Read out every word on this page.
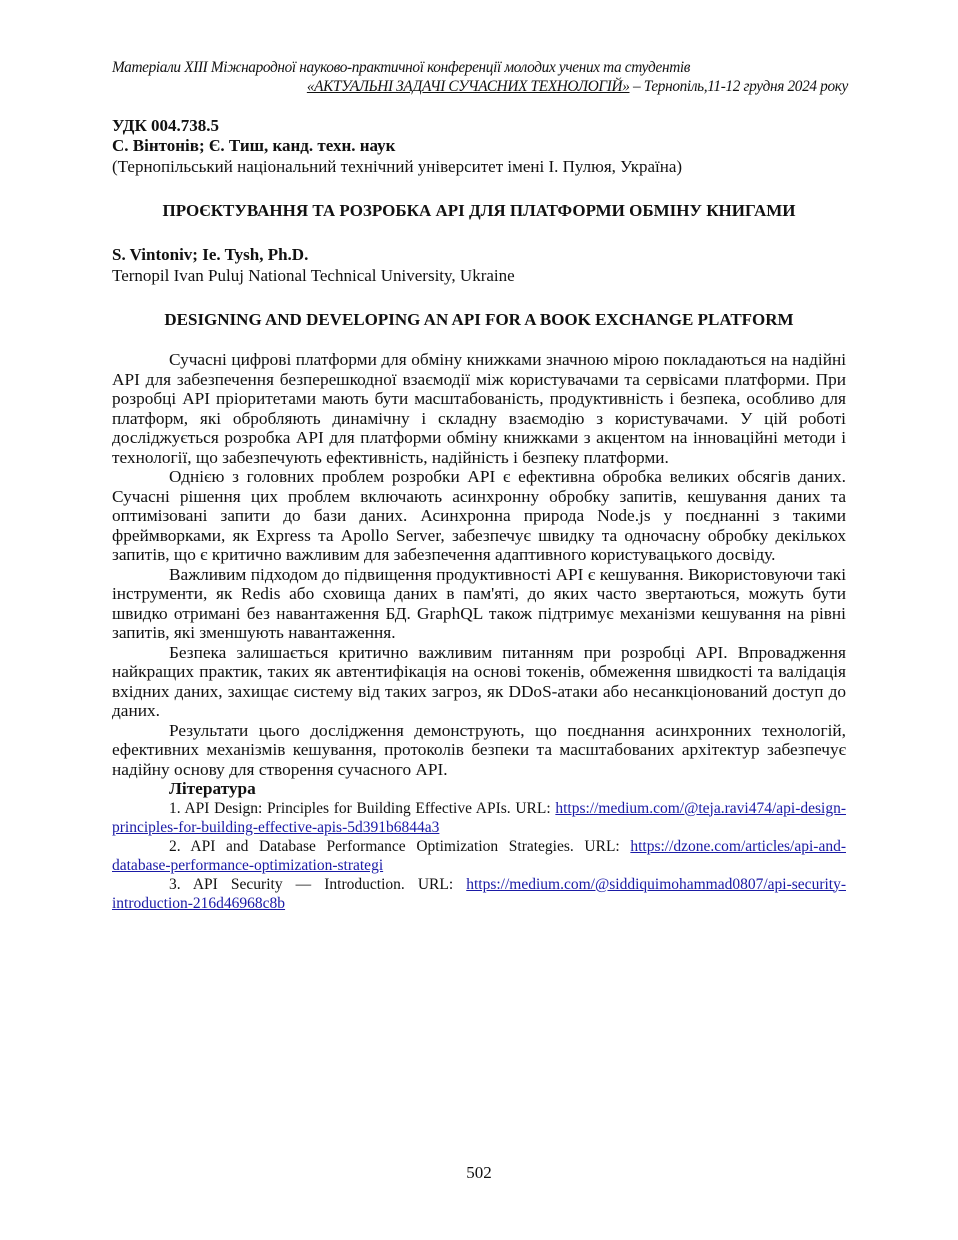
Матеріали XIII Міжнародної науково-практичної конференції молодих учених та студентів
«АКТУАЛЬНІ ЗАДАЧІ СУЧАСНИХ ТЕХНОЛОГІЙ» – Тернопіль,11-12 грудня 2024 року
УДК 004.738.5
С. Вінтонів; Є. Тиш, канд. техн. наук
(Тернопільський національний технічний університет імені І. Пулюя, Україна)
ПРОЄКТУВАННЯ ТА РОЗРОБКА API ДЛЯ ПЛАТФОРМИ ОБМІНУ КНИГАМИ
S. Vintoniv; Ie. Tysh, Ph.D.
Ternopil Ivan Puluj National Technical University, Ukraine
DESIGNING AND DEVELOPING AN API FOR A BOOK EXCHANGE PLATFORM

Сучасні цифрові платформи для обміну книжками значною мірою покладаються на надійні API для забезпечення безперешкодної взаємодії між користувачами та сервісами платформи. При розробці API пріоритетами мають бути масштабованість, продуктивність і безпека, особливо для платформ, які обробляють динамічну і складну взаємодію з користувачами. У цій роботі досліджується розробка API для платформи обміну книжками з акцентом на інноваційні методи і технології, що забезпечують ефективність, надійність і безпеку платформи.

Однією з головних проблем розробки API є ефективна обробка великих обсягів даних. Сучасні рішення цих проблем включають асинхронну обробку запитів, кешування даних та оптимізовані запити до бази даних. Асинхронна природа Node.js у поєднанні з такими фреймворками, як Express та Apollo Server, забезпечує швидку та одночасну обробку декількох запитів, що є критично важливим для забезпечення адаптивного користувацького досвіду.

Важливим підходом до підвищення продуктивності API є кешування. Використовуючи такі інструменти, як Redis або сховища даних в пам'яті, до яких часто звертаються, можуть бути швидко отримані без навантаження БД. GraphQL також підтримує механізми кешування на рівні запитів, які зменшують навантаження.

Безпека залишається критично важливим питанням при розробці API. Впровадження найкращих практик, таких як автентифікація на основі токенів, обмеження швидкості та валідація вхідних даних, захищає систему від таких загроз, як DDoS-атаки або несанкціонований доступ до даних.

Результати цього дослідження демонструють, що поєднання асинхронних технологій, ефективних механізмів кешування, протоколів безпеки та масштабованих архітектур забезпечує надійну основу для створення сучасного API.

Література

1. API Design: Principles for Building Effective APIs. URL: https://medium.com/@teja.ravi474/api-design-principles-for-building-effective-apis-5d391b6844a3

2. API and Database Performance Optimization Strategies. URL: https://dzone.com/articles/api-and-database-performance-optimization-strategi

3. API Security — Introduction. URL: https://medium.com/@siddiquimohammad0807/api-security-introduction-216d46968c8b

502
